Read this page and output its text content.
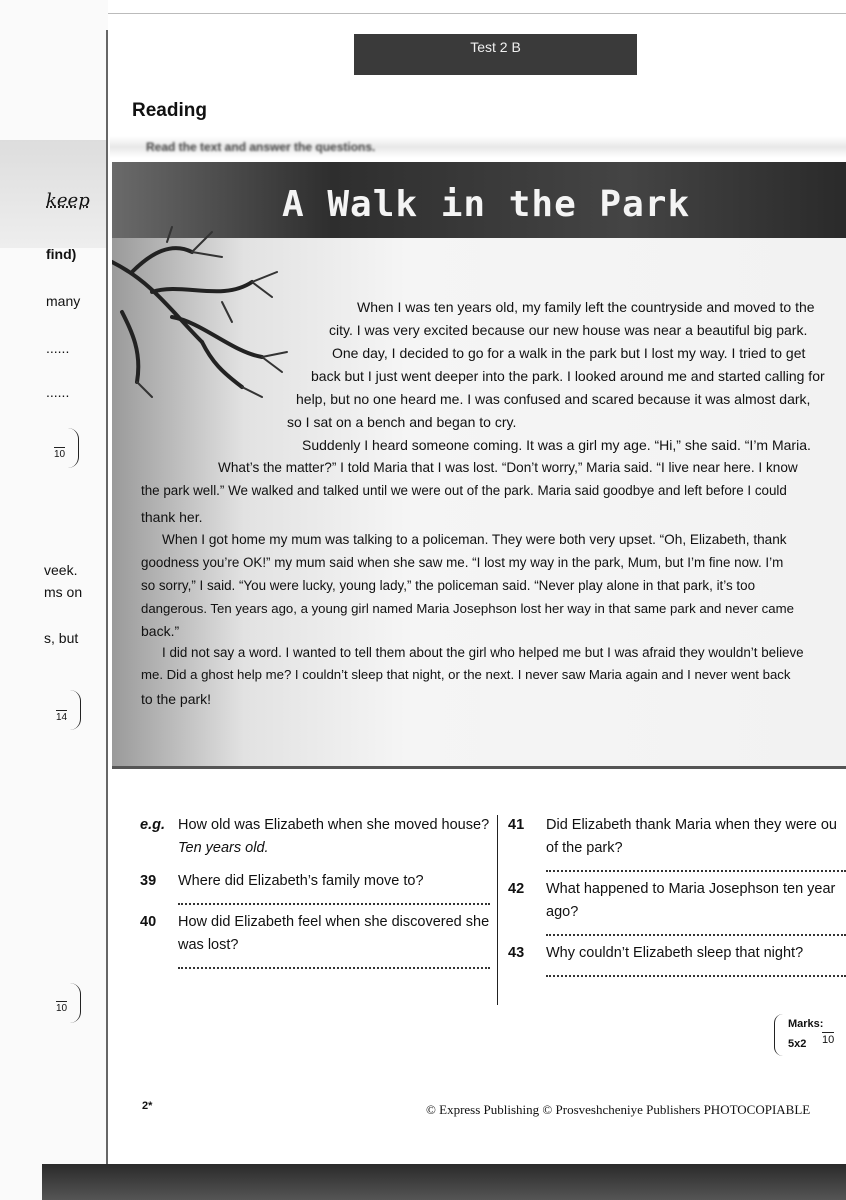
keep
find)
many
......
......
10
veek.
ms on
s, but
14
10
Test 2 B
Reading
Read the text and answer the questions.
A Walk in the Park
When I was ten years old, my family left the countryside and moved to the
city. I was very excited because our new house was near a beautiful big park.
One day, I decided to go for a walk in the park but I lost my way. I tried to get
back but I just went deeper into the park. I looked around me and started calling for
help, but no one heard me. I was confused and scared because it was almost dark,
so I sat on a bench and began to cry.
Suddenly I heard someone coming. It was a girl my age. “Hi,” she said. “I’m Maria.
What’s the matter?” I told Maria that I was lost. “Don’t worry,” Maria said. “I live near here. I know
the park well.” We walked and talked until we were out of the park. Maria said goodbye and left before I could
thank her.
When I got home my mum was talking to a policeman. They were both very upset. “Oh, Elizabeth, thank
goodness you’re OK!” my mum said when she saw me. “I lost my way in the park, Mum, but I’m fine now. I’m
so sorry,” I said. “You were lucky, young lady,” the policeman said. “Never play alone in that park, it’s too
dangerous. Ten years ago, a young girl named Maria Josephson lost her way in that same park and never came
back.”
I did not say a word. I wanted to tell them about the girl who helped me but I was afraid they wouldn’t believe
me. Did a ghost help me? I couldn’t sleep that night, or the next. I never saw Maria again and I never went back
to the park!
e.g. How old was Elizabeth when she moved house?
Ten years old.
39 Where did Elizabeth’s family move to?
40 How did Elizabeth feel when she discovered she was lost?
41 Did Elizabeth thank Maria when they were ou of the park?
42 What happened to Maria Josephson ten year ago?
43 Why couldn’t Elizabeth sleep that night?
Marks:
5x2 10
2*	© Express Publishing © Prosveshcheniye Publishers PHOTOCOPIABLE
